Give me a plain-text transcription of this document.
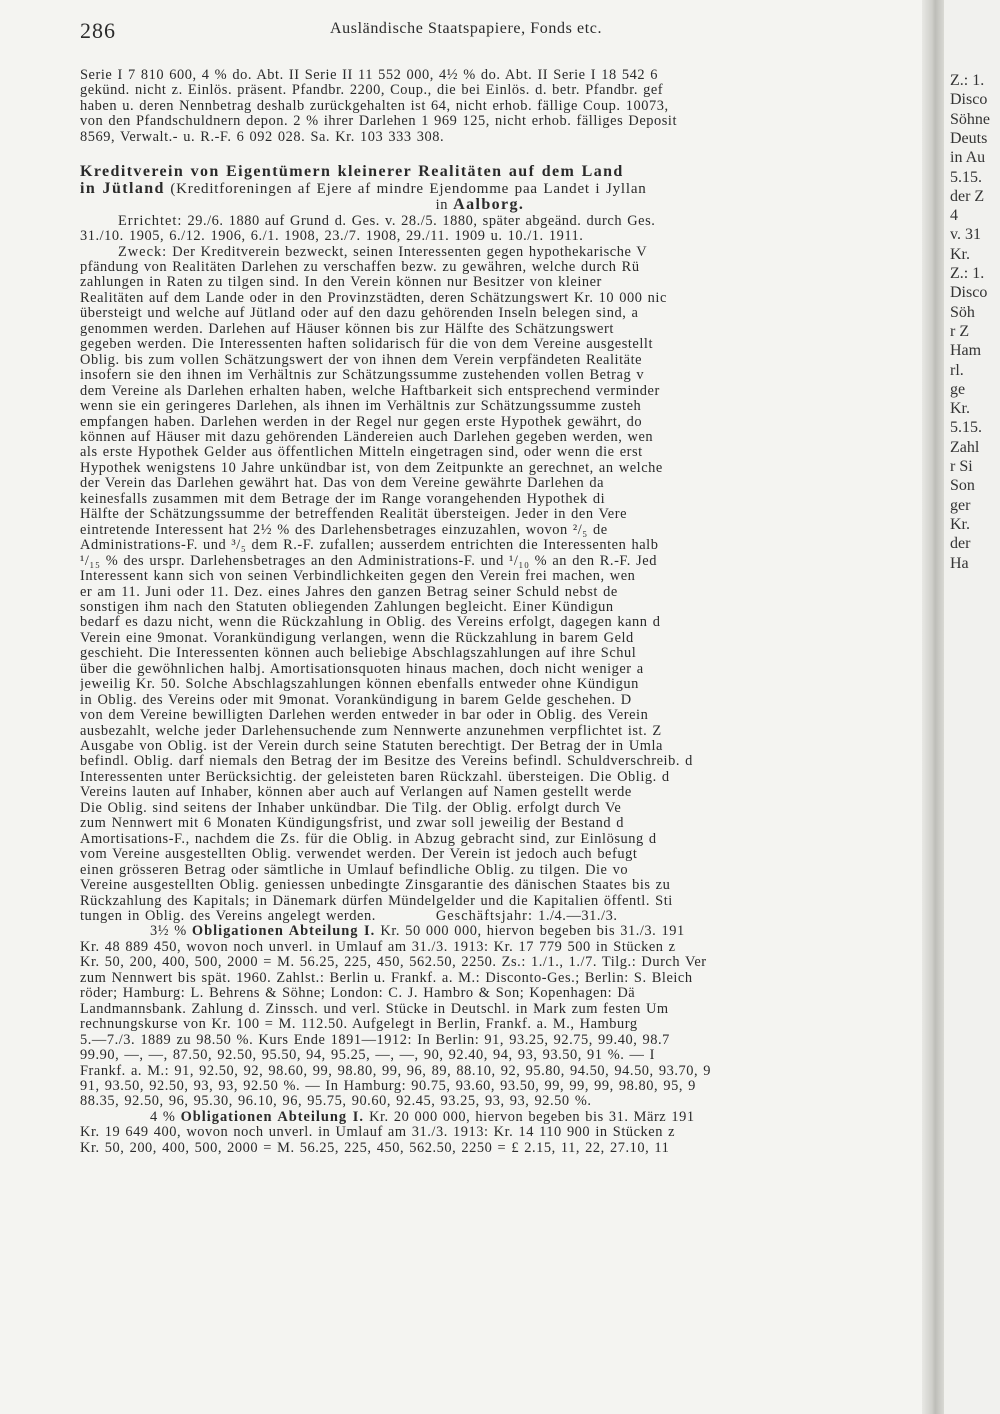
286	Ausländische Staatspapiere, Fonds etc.

Serie I 7 810 600, 4 % do. Abt. II Serie II 11 552 000, 4½ % do. Abt. II Serie I 18 542 6

gekünd. nicht z. Einlös. präsent. Pfandbr. 2200, Coup., die bei Einlös. d. betr. Pfandbr. gef

haben u. deren Nennbetrag deshalb zurückgehalten ist 64, nicht erhob. fällige Coup. 10073,

von den Pfandschuldnern depon. 2 % ihrer Darlehen 1 969 125, nicht erhob. fälliges Deposit

8569, Verwalt.- u. R.-F. 6 092 028. Sa. Kr. 103 333 308.

Kreditverein von Eigentümern kleinerer Realitäten auf dem Land

in Jütland (Kreditforeningen af Ejere af mindre Ejendomme paa Landet i Jyllan

in Aalborg.

Errichtet: 29./6. 1880 auf Grund d. Ges. v. 28./5. 1880, später abgeänd. durch Ges.

31./10. 1905, 6./12. 1906, 6./1. 1908, 23./7. 1908, 29./11. 1909 u. 10./1. 1911.

Zweck: Der Kreditverein bezweckt, seinen Interessenten gegen hypothekarische V

pfändung von Realitäten Darlehen zu verschaffen bezw. zu gewähren, welche durch Rü

zahlungen in Raten zu tilgen sind. In den Verein können nur Besitzer von kleiner

Realitäten auf dem Lande oder in den Provinzstädten, deren Schätzungswert Kr. 10 000 nic

übersteigt und welche auf Jütland oder auf den dazu gehörenden Inseln belegen sind, a

genommen werden. Darlehen auf Häuser können bis zur Hälfte des Schätzungswert

gegeben werden. Die Interessenten haften solidarisch für die von dem Vereine ausgestellt

Oblig. bis zum vollen Schätzungswert der von ihnen dem Verein verpfändeten Realitäte

insofern sie den ihnen im Verhältnis zur Schätzungssumme zustehenden vollen Betrag v

dem Vereine als Darlehen erhalten haben, welche Haftbarkeit sich entsprechend verminder

wenn sie ein geringeres Darlehen, als ihnen im Verhältnis zur Schätzungssumme zusteh

empfangen haben. Darlehen werden in der Regel nur gegen erste Hypothek gewährt, do

können auf Häuser mit dazu gehörenden Ländereien auch Darlehen gegeben werden, wen

als erste Hypothek Gelder aus öffentlichen Mitteln eingetragen sind, oder wenn die erst

Hypothek wenigstens 10 Jahre unkündbar ist, von dem Zeitpunkte an gerechnet, an welche

der Verein das Darlehen gewährt hat. Das von dem Vereine gewährte Darlehen da

keinesfalls zusammen mit dem Betrage der im Range vorangehenden Hypothek di

Hälfte der Schätzungssumme der betreffenden Realität übersteigen. Jeder in den Vere

eintretende Interessent hat 2½ % des Darlehensbetrages einzuzahlen, wovon ²/₅ de

Administrations-F. und ³/₅ dem R.-F. zufallen; ausserdem entrichten die Interessenten halb

¹/₁₅ % des urspr. Darlehensbetrages an den Administrations-F. und ¹/₁₀ % an den R.-F. Jed

Interessent kann sich von seinen Verbindlichkeiten gegen den Verein frei machen, wen

er am 11. Juni oder 11. Dez. eines Jahres den ganzen Betrag seiner Schuld nebst de

sonstigen ihm nach den Statuten obliegenden Zahlungen begleicht. Einer Kündigun

bedarf es dazu nicht, wenn die Rückzahlung in Oblig. des Vereins erfolgt, dagegen kann d

Verein eine 9monat. Vorankündigung verlangen, wenn die Rückzahlung in barem Geld

geschieht. Die Interessenten können auch beliebige Abschlagszahlungen auf ihre Schul

über die gewöhnlichen halbj. Amortisationsquoten hinaus machen, doch nicht weniger a

jeweilig Kr. 50. Solche Abschlagszahlungen können ebenfalls entweder ohne Kündigun

in Oblig. des Vereins oder mit 9monat. Vorankündigung in barem Gelde geschehen. D

von dem Vereine bewilligten Darlehen werden entweder in bar oder in Oblig. des Verein

ausbezahlt, welche jeder Darlehensuchende zum Nennwerte anzunehmen verpflichtet ist. Z

Ausgabe von Oblig. ist der Verein durch seine Statuten berechtigt. Der Betrag der in Umla

befindl. Oblig. darf niemals den Betrag der im Besitze des Vereins befindl. Schuldverschreib. d

Interessenten unter Berücksichtig. der geleisteten baren Rückzahl. übersteigen. Die Oblig. d

Vereins lauten auf Inhaber, können aber auch auf Verlangen auf Namen gestellt werde

Die Oblig. sind seitens der Inhaber unkündbar. Die Tilg. der Oblig. erfolgt durch Ve

zum Nennwert mit 6 Monaten Kündigungsfrist, und zwar soll jeweilig der Bestand d

Amortisations-F., nachdem die Zs. für die Oblig. in Abzug gebracht sind, zur Einlösung d

vom Vereine ausgestellten Oblig. verwendet werden. Der Verein ist jedoch auch befugt

einen grösseren Betrag oder sämtliche in Umlauf befindliche Oblig. zu tilgen. Die vo

Vereine ausgestellten Oblig. geniessen unbedingte Zinsgarantie des dänischen Staates bis zu

Rückzahlung des Kapitals; in Dänemark dürfen Mündelgelder und die Kapitalien öffentl. Sti

tungen in Oblig. des Vereins angelegt werden.	Geschäftsjahr: 1./4.—31./3.

3½ % Obligationen Abteilung I. Kr. 50 000 000, hiervon begeben bis 31./3. 191

Kr. 48 889 450, wovon noch unverl. in Umlauf am 31./3. 1913: Kr. 17 779 500 in Stücken z

Kr. 50, 200, 400, 500, 2000 = M. 56.25, 225, 450, 562.50, 2250. Zs.: 1./1., 1./7. Tilg.: Durch Ver

zum Nennwert bis spät. 1960. Zahlst.: Berlin u. Frankf. a. M.: Disconto-Ges.; Berlin: S. Bleich

röder; Hamburg: L. Behrens & Söhne; London: C. J. Hambro & Son; Kopenhagen: Dä

Landmannsbank. Zahlung d. Zinssch. und verl. Stücke in Deutschl. in Mark zum festen Um

rechnungskurse von Kr. 100 = M. 112.50. Aufgelegt in Berlin, Frankf. a. M., Hamburg

5.—7./3. 1889 zu 98.50 %. Kurs Ende 1891—1912: In Berlin: 91, 93.25, 92.75, 99.40, 98.7

99.90, —, —, 87.50, 92.50, 95.50, 94, 95.25, —, —, 90, 92.40, 94, 93, 93.50, 91 %. — I

Frankf. a. M.: 91, 92.50, 92, 98.60, 99, 98.80, 99, 96, 89, 88.10, 92, 95.80, 94.50, 94.50, 93.70, 9

91, 93.50, 92.50, 93, 93, 92.50 %. — In Hamburg: 90.75, 93.60, 93.50, 99, 99, 99, 98.80, 95, 9

88.35, 92.50, 96, 95.30, 96.10, 96, 95.75, 90.60, 92.45, 93.25, 93, 93, 92.50 %.

4 % Obligationen Abteilung I. Kr. 20 000 000, hiervon begeben bis 31. März 191

Kr. 19 649 400, wovon noch unverl. in Umlauf am 31./3. 1913: Kr. 14 110 900 in Stücken z

Kr. 50, 200, 400, 500, 2000 = M. 56.25, 225, 450, 562.50, 2250 = £ 2.15, 11, 22, 27.10, 11

Z.: 1.
Disco
Söhne
Deuts
in Au
5.15.
der Z
4
v. 31
Kr.
Z.: 1.
Disco
Söh
r Z
Ham
rl.
ge
Kr.
5.15.
Zahl
r Si
Son
ger
Kr.
der
Ha
